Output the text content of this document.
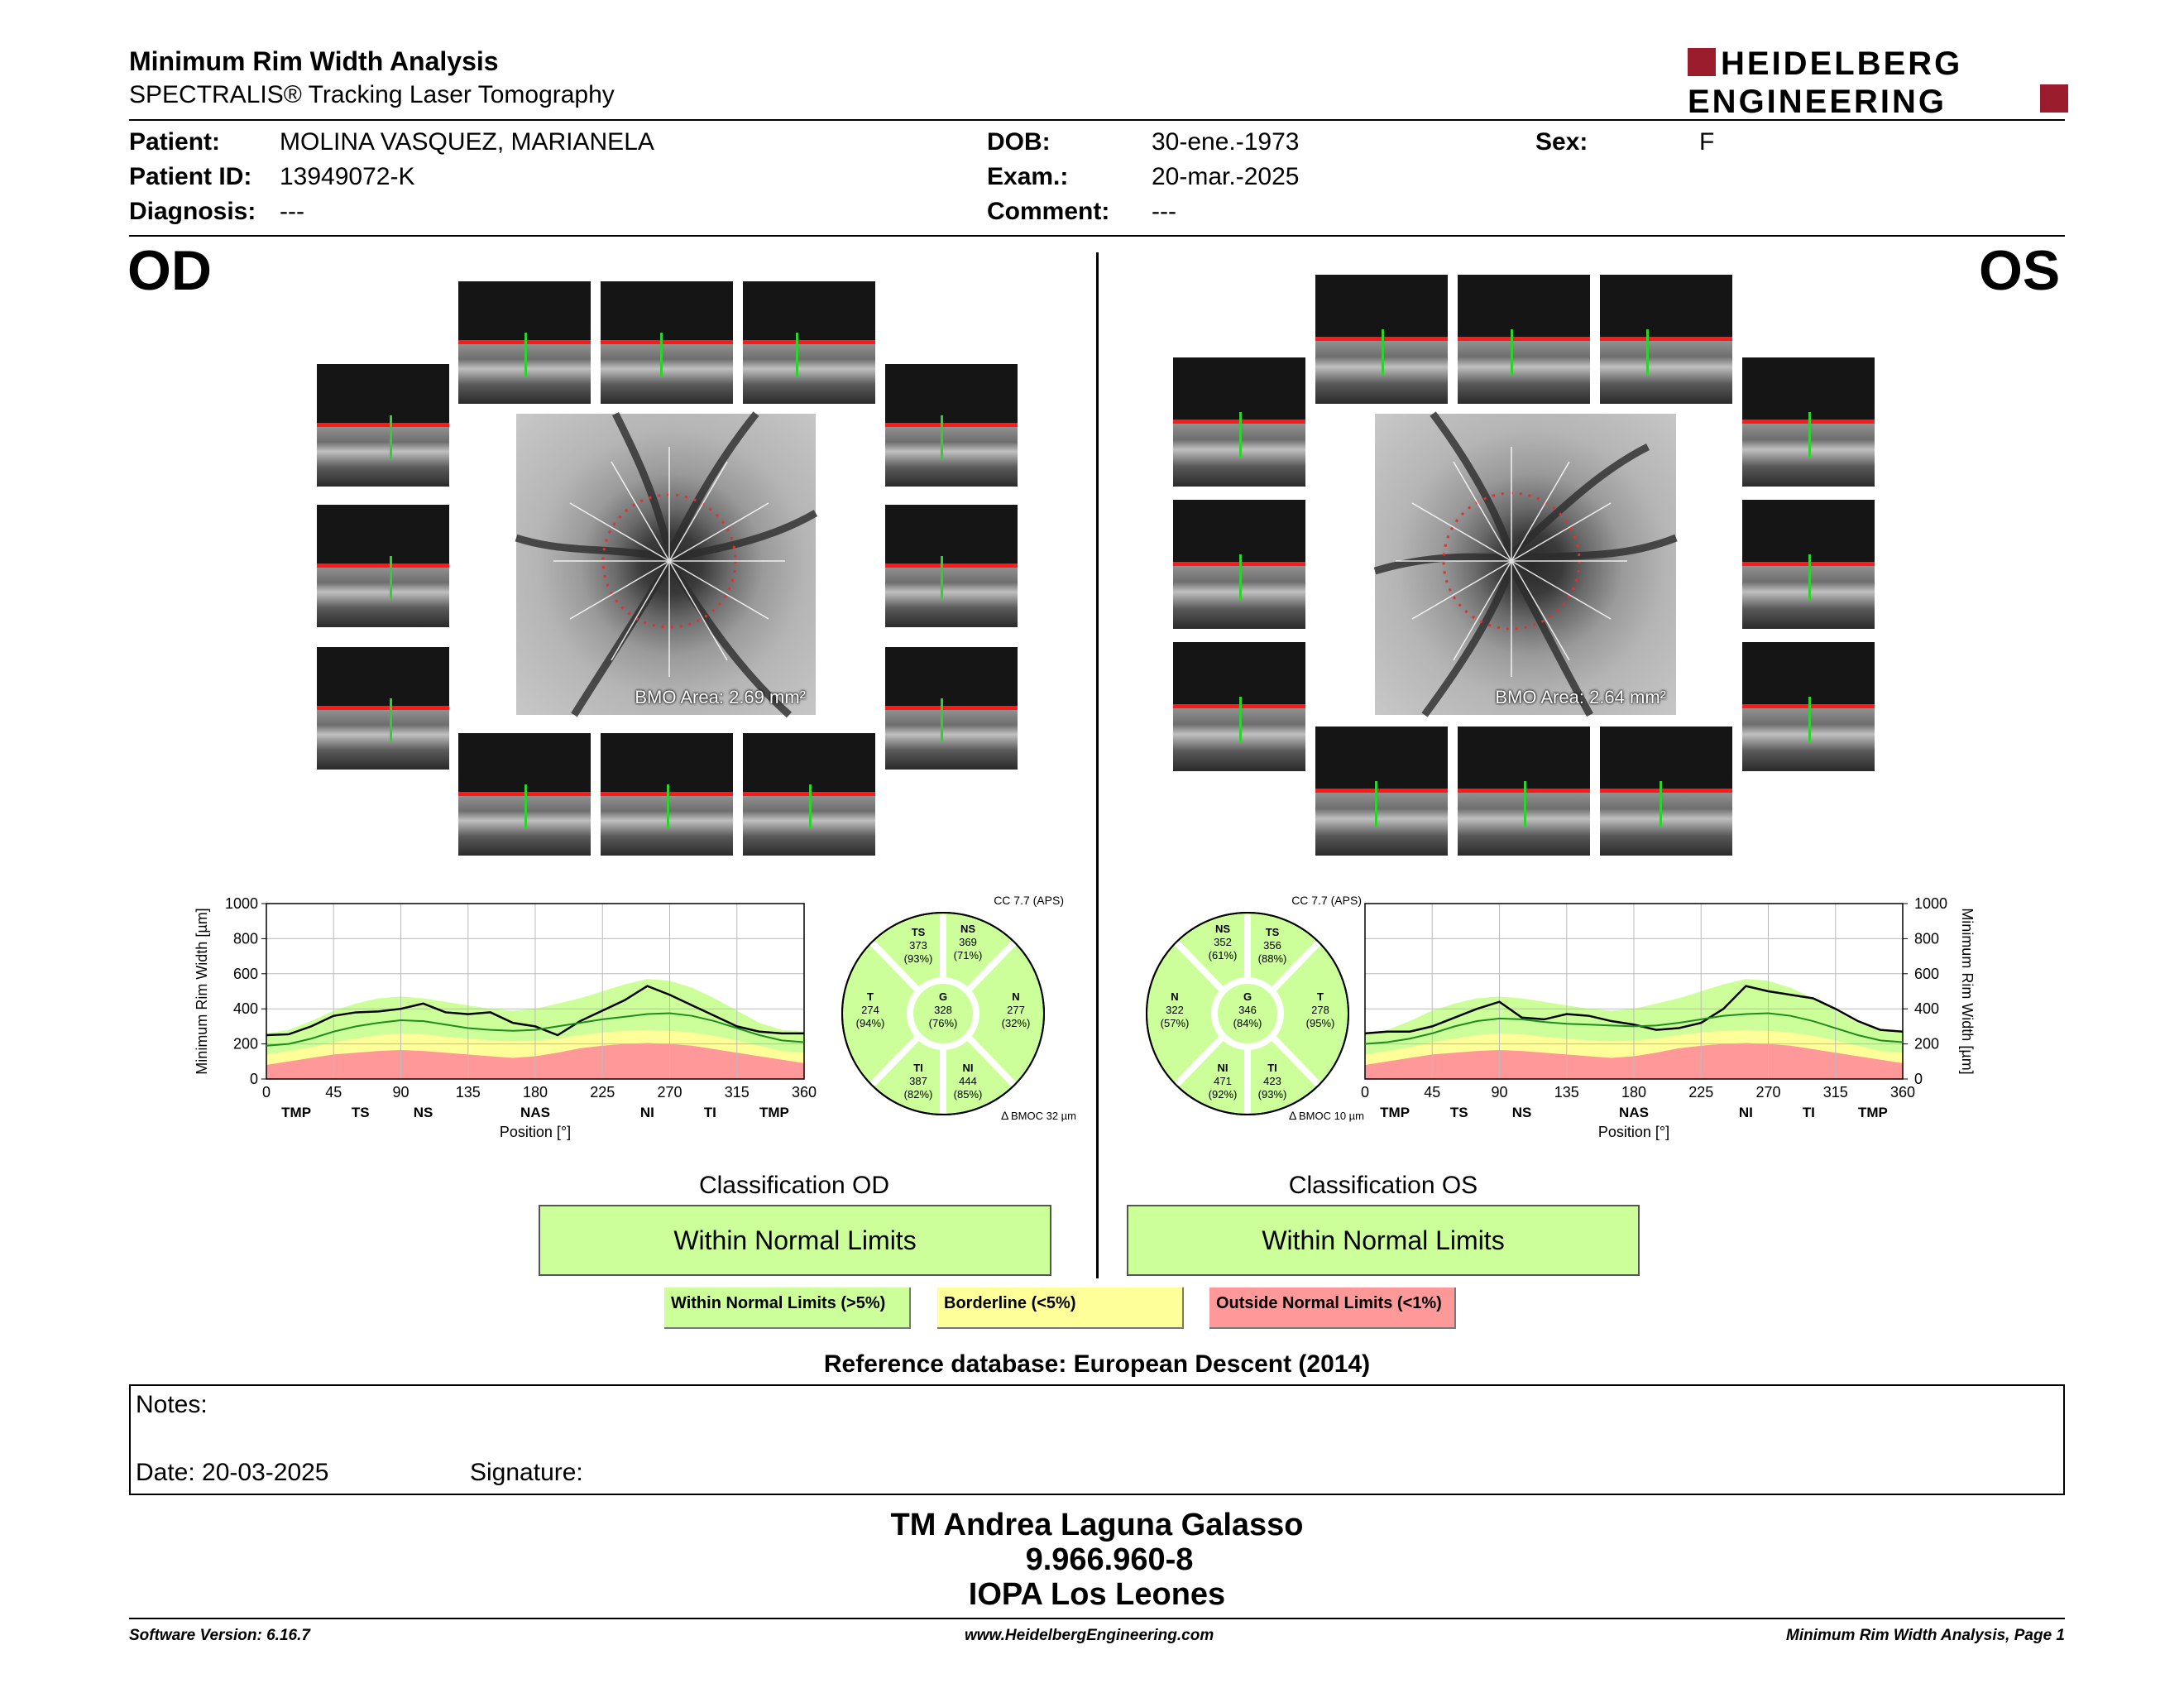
Minimum Rim Width Analysis
SPECTRALIS® Tracking Laser Tomography
HEIDELBERG
ENGINEERING
Patient: MOLINA VASQUEZ, MARIANELA
Patient ID: 13949072-K
Diagnosis: ---
DOB:	30-ene.-1973
Exam.:	20-mar.-2025
Comment: ---
Sex:	F
OD	OS
BMO Area: 2.69 mm²	BMO Area: 2.64 mm²
0	45	90	135	180	225	270	315	360
0
200
400
600
800
1000
TMP	TS	NS	NAS	NI	TI	TMP
Position [°]
Minimum Rim Width [µm]
0	45	90	135	180	225	270	315	360
0
200
400
600
800
1000
TMP	TS	NS	NAS	NI	TI	TMP
Position [°]
Minimum Rim Width [µm]
CC 7.7 (APS)
TS
373
(93%)
NS
369
(71%)
T
274
(94%)
G
328
(76%)
N
277
(32%)
TI
387
(82%)
NI
444
(85%)
Δ BMOC 32 µm
CC 7.7 (APS)
NS
352
(61%)
TS
356
(88%)
N
322
(57%)
G
346
(84%)
T
278
(95%)
NI
471
(92%)
TI
423
(93%)
Δ BMOC 10 µm
Classification OD
Within Normal Limits
Classification OS
Within Normal Limits
Within Normal Limits (>5%)	Borderline (<5%)	Outside Normal Limits (<1%)
Reference database: European Descent (2014)
Notes:
Date: 20-03-2025	Signature:
TM Andrea Laguna Galasso
9.966.960-8
IOPA Los Leones
Software Version: 6.16.7	www.HeidelbergEngineering.com	Minimum Rim Width Analysis, Page 1
